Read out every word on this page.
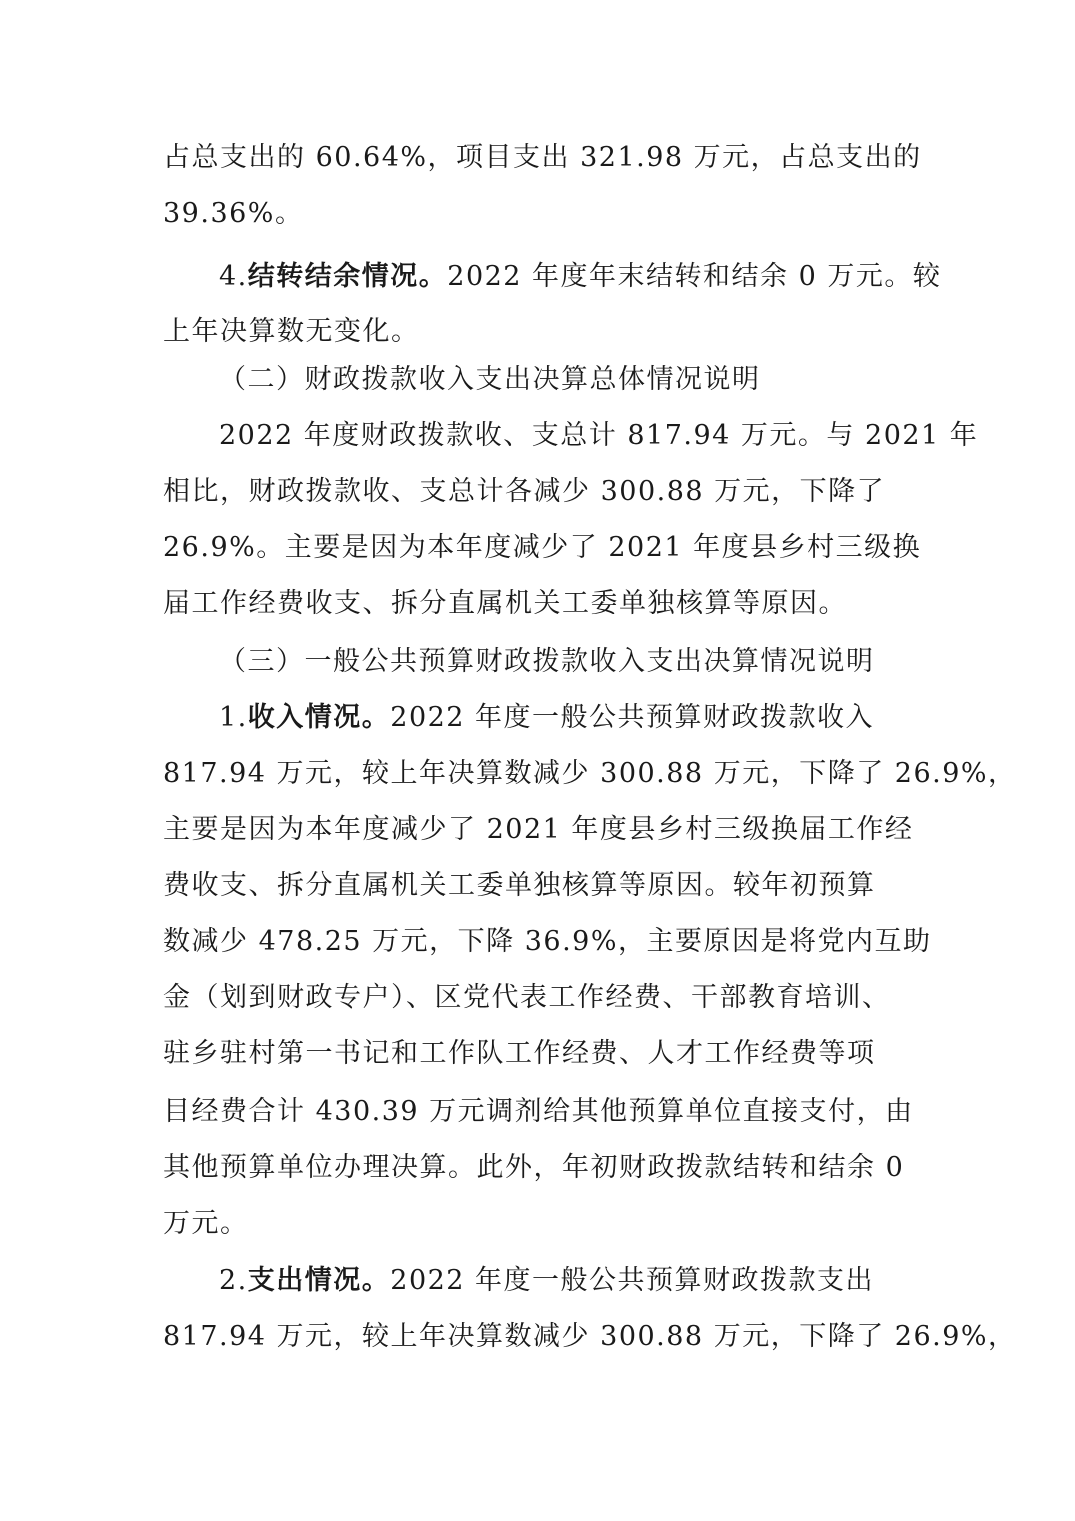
占总支出的 60.64%，项目支出 321.98 万元，占总支出的
39.36%。
4.结转结余情况。2022 年度年末结转和结余 0 万元。较
上年决算数无变化。
（二）财政拨款收入支出决算总体情况说明
2022 年度财政拨款收、支总计 817.94 万元。与 2021 年
相比，财政拨款收、支总计各减少 300.88 万元，下降了
26.9%。主要是因为本年度减少了 2021 年度县乡村三级换
届工作经费收支、拆分直属机关工委单独核算等原因。
（三）一般公共预算财政拨款收入支出决算情况说明
1.收入情况。2022 年度一般公共预算财政拨款收入
817.94 万元，较上年决算数减少 300.88 万元，下降了 26.9%，
主要是因为本年度减少了 2021 年度县乡村三级换届工作经
费收支、拆分直属机关工委单独核算等原因。较年初预算
数减少 478.25 万元，下降 36.9%，主要原因是将党内互助
金（划到财政专户）、区党代表工作经费、干部教育培训、
驻乡驻村第一书记和工作队工作经费、人才工作经费等项
目经费合计 430.39 万元调剂给其他预算单位直接支付，由
其他预算单位办理决算。此外，年初财政拨款结转和结余 0
万元。
2.支出情况。2022 年度一般公共预算财政拨款支出
817.94 万元，较上年决算数减少 300.88 万元，下降了 26.9%，
